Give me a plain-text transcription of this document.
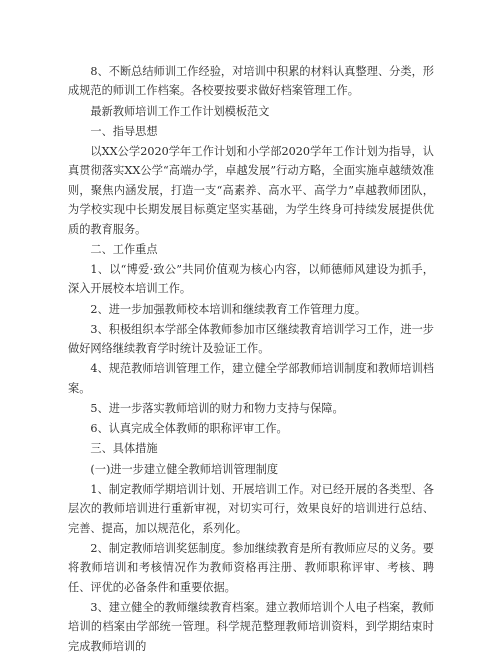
8、不断总结师训工作经验，对培训中积累的材料认真整理、分类，形成规范的师训工作档案。各校要按要求做好档案管理工作。

最新教师培训工作工作计划模板范文

一、指导思想

以XX公学2020学年工作计划和小学部2020学年工作计划为指导，认真贯彻落实XX公学“高端办学，卓越发展”行动方略，全面实施卓越绩效准则，聚焦内涵发展，打造一支“高素养、高水平、高学力”卓越教师团队，为学校实现中长期发展目标奠定坚实基础，为学生终身可持续发展提供优质的教育服务。

二、工作重点

1、以“博爱·致公”共同价值观为核心内容，以师德师风建设为抓手，深入开展校本培训工作。

2、进一步加强教师校本培训和继续教育工作管理力度。

3、积极组织本学部全体教师参加市区继续教育培训学习工作，进一步做好网络继续教育学时统计及验证工作。

4、规范教师培训管理工作，建立健全学部教师培训制度和教师培训档案。

5、进一步落实教师培训的财力和物力支持与保障。

6、认真完成全体教师的职称评审工作。

三、具体措施

(一)进一步建立健全教师培训管理制度

1、制定教师学期培训计划、开展培训工作。对已经开展的各类型、各层次的教师培训进行重新审视，对切实可行，效果良好的培训进行总结、完善、提高，加以规范化，系列化。

2、制定教师培训奖惩制度。参加继续教育是所有教师应尽的义务。要将教师培训和考核情况作为教师资格再注册、教师职称评审、考核、聘任、评优的必备条件和重要依据。

3、建立健全的教师继续教育档案。建立教师培训个人电子档案，教师培训的档案由学部统一管理。科学规范整理教师培训资料，到学期结束时完成教师培训的
